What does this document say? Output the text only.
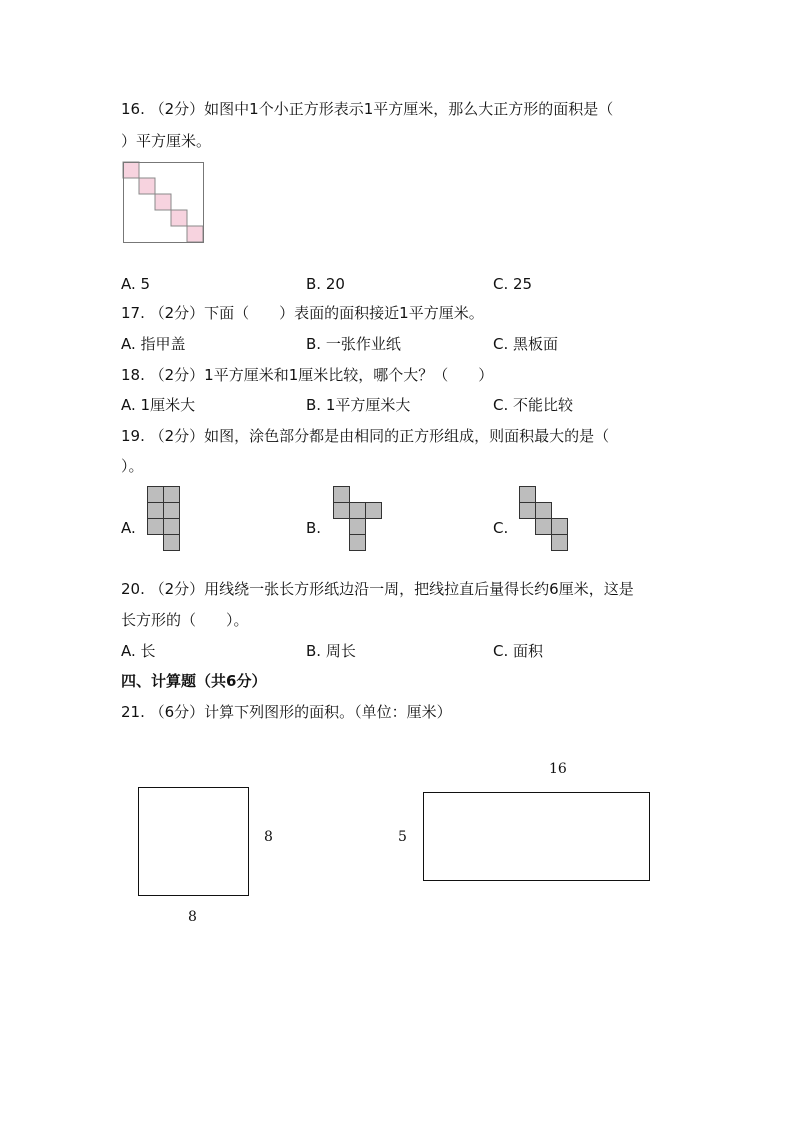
16. （2分）如图中1个小正方形表示1平方厘米，那么大正方形的面积是（
）平方厘米。
A. 5	B. 20	C. 25
17. （2分）下面（　　）表面的面积接近1平方厘米。
A. 指甲盖	B. 一张作业纸	C. 黑板面
18. （2分）1平方厘米和1厘米比较，哪个大？（　　）
A. 1厘米大	B. 1平方厘米大	C. 不能比较
19. （2分）如图，涂色部分都是由相同的正方形组成，则面积最大的是（
）。
A.	B.	C.
20. （2分）用线绕一张长方形纸边沿一周，把线拉直后量得长约6厘米，这是
长方形的（　　）。
A. 长	B. 周长	C. 面积
四、计算题（共6分）
21. （6分）计算下列图形的面积。（单位：厘米）
8
8
16
5
